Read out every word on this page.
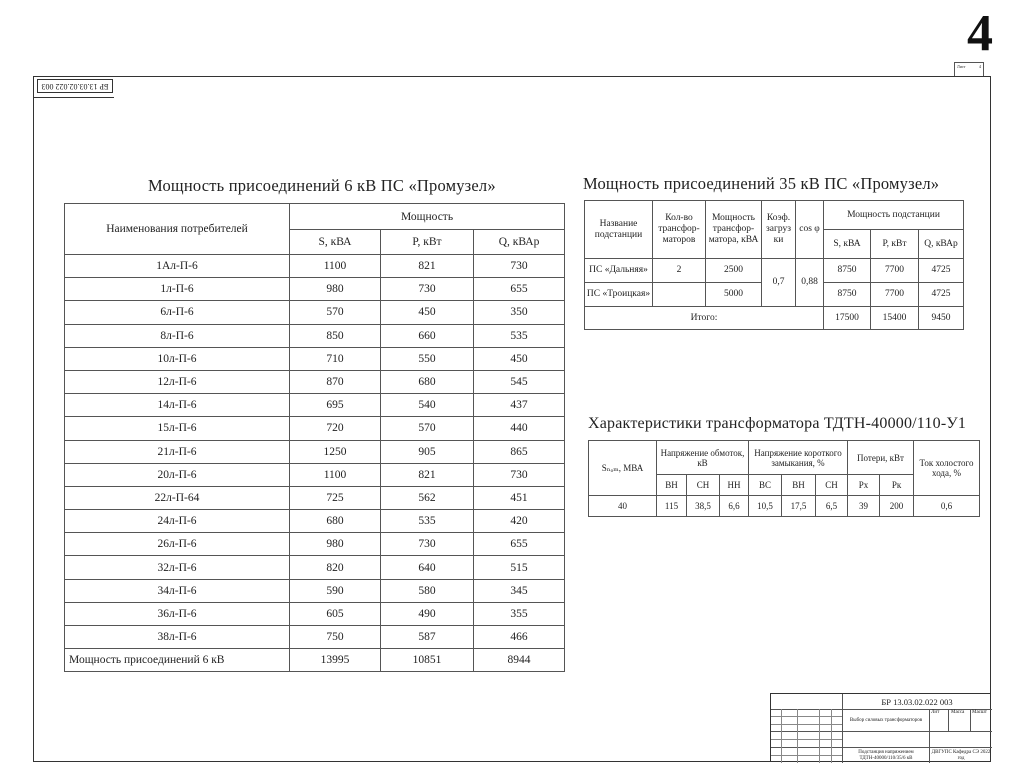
4
Лист	4
БР 13.03.02.022 003
Мощность присоединений 6 кВ ПС «Промузел»
Наименования потребителей	Мощность		
	S, кВА	P, кВт	Q, кВАр
1Ал-П-6	1100	821	730
1л-П-6	980	730	655
6л-П-6	570	450	350
8л-П-6	850	660	535
10л-П-6	710	550	450
12л-П-6	870	680	545
14л-П-6	695	540	437
15л-П-6	720	570	440
21л-П-6	1250	905	865
20л-П-6	1100	821	730
22л-П-64	725	562	451
24л-П-6	680	535	420
26л-П-6	980	730	655
32л-П-6	820	640	515
34л-П-6	590	580	345
36л-П-6	605	490	355
38л-П-6	750	587	466
Мощность присоединений 6 кВ	13995	10851	8944
Мощность присоединений 35 кВ ПС «Промузел»
Название подстанции	Кол-во трансфор-маторов	Мощность трансфор-матора, кВА	Коэф. загруз ки	cos φ	Мощность подстанции		
					S, кВА	P, кВт	Q, кВАр
ПС «Дальняя»	2	2500	0,7	0,88	8750	7700	4725
ПС «Троицкая»		5000			8750	7700	4725
Итого:					17500	15400	9450
Характеристики трансформатора ТДТН-40000/110-У1
Sₙₒₘ, МВА	Напряжение обмоток, кВ			Напряжение короткого замыкания, %			Потери, кВт		Ток холостого хода, %
	ВН	СН	НН	ВС	ВН	СН	Рх	Рк	
40	115	38,5	6,6	10,5	17,5	6,5	39	200	0,6
БР 13.03.02.022 003
Выбор силовых трансформаторов
Подстанция напряжением ТДТН-40000/110/35/6 кВ
Лит Масса Масшт
ДВГУПС Кафедра СЭ 2022 год
